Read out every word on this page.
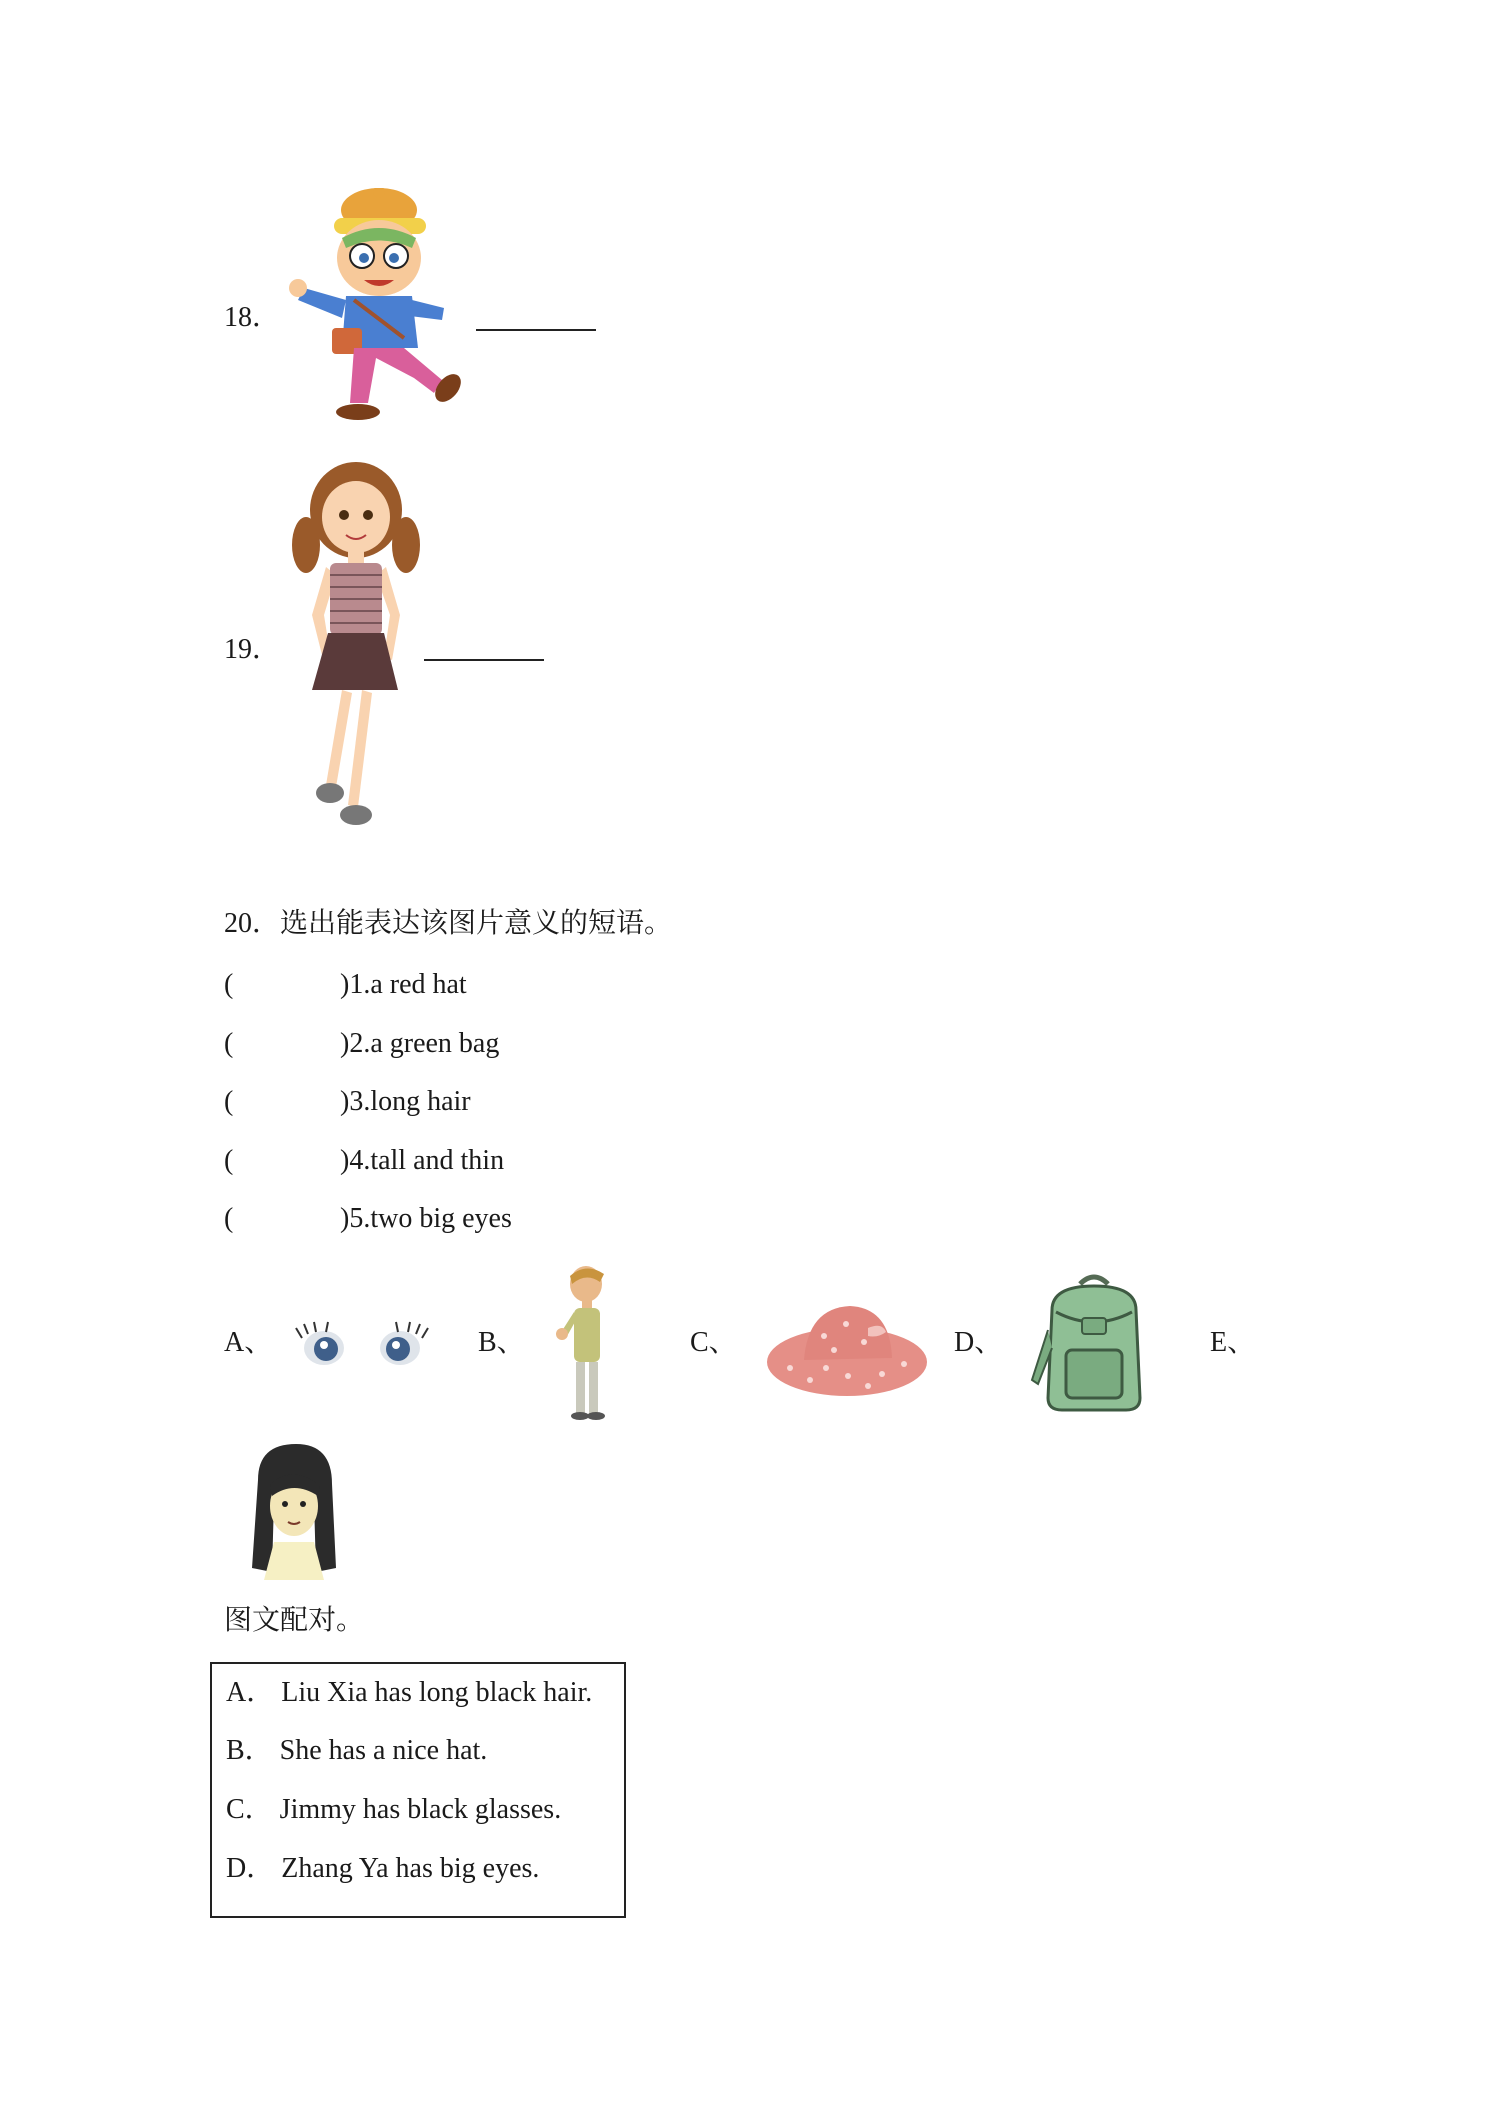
18．
19．
20．选出能表达该图片意义的短语。
(	)1.a red hat
(	)2.a green bag
(	)3.long hair
(	)4.tall and thin
(	)5.two big eyes
A、	B、	C、	D、	E、
图文配对。
A． Liu Xia has long black hair.
B． She has a nice hat.
C． Jimmy has black glasses.
D． Zhang Ya has big eyes.
